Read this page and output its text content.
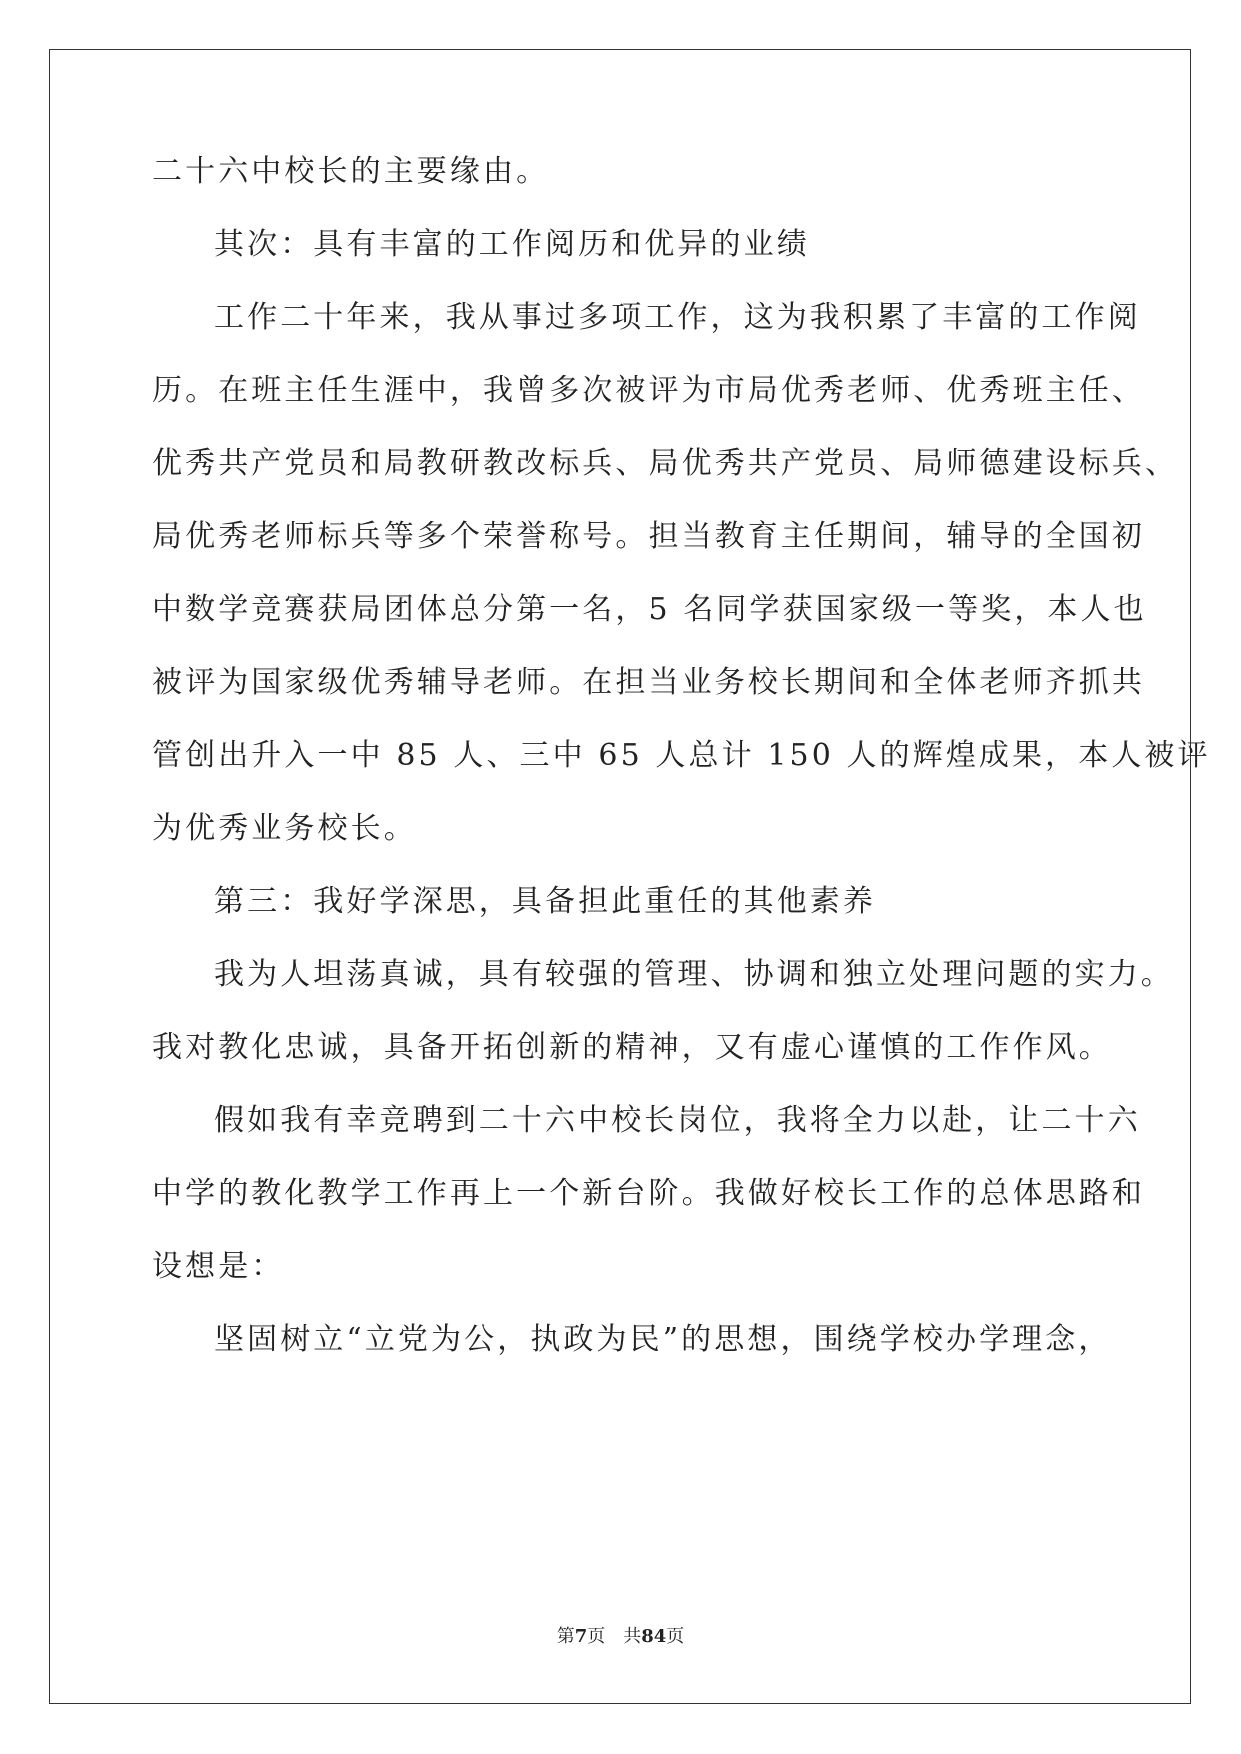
二十六中校长的主要缘由。
其次：具有丰富的工作阅历和优异的业绩
工作二十年来，我从事过多项工作，这为我积累了丰富的工作阅
历。在班主任生涯中，我曾多次被评为市局优秀老师、优秀班主任、
优秀共产党员和局教研教改标兵、局优秀共产党员、局师德建设标兵、
局优秀老师标兵等多个荣誉称号。担当教育主任期间，辅导的全国初
中数学竞赛获局团体总分第一名，5 名同学获国家级一等奖，本人也
被评为国家级优秀辅导老师。在担当业务校长期间和全体老师齐抓共
管创出升入一中 85 人、三中 65 人总计 150 人的辉煌成果，本人被评
为优秀业务校长。
第三：我好学深思，具备担此重任的其他素养
我为人坦荡真诚，具有较强的管理、协调和独立处理问题的实力。
我对教化忠诚，具备开拓创新的精神，又有虚心谨慎的工作作风。
假如我有幸竞聘到二十六中校长岗位，我将全力以赴，让二十六
中学的教化教学工作再上一个新台阶。我做好校长工作的总体思路和
设想是：
坚固树立“立党为公，执政为民”的思想，围绕学校办学理念，
第7页 共84页
